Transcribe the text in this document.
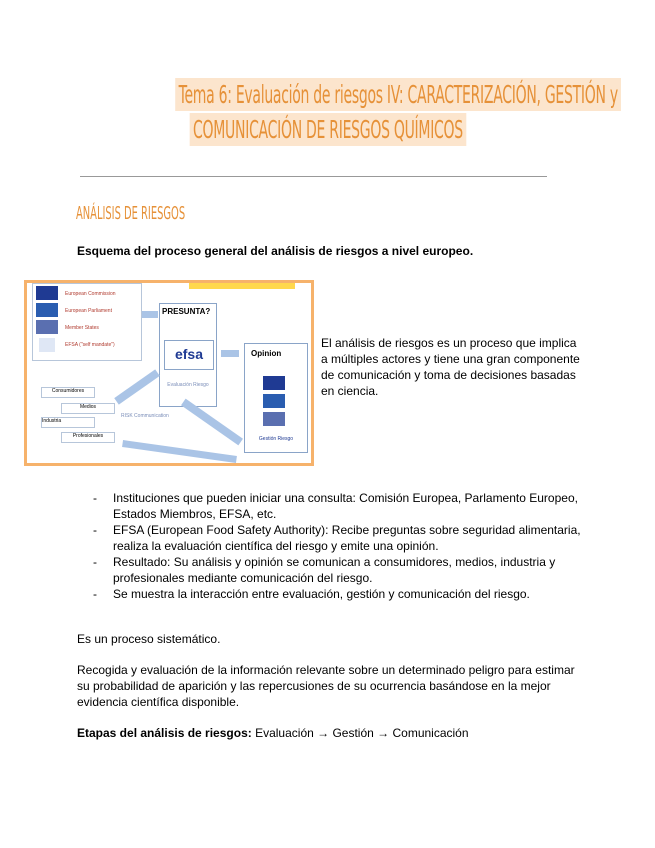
Tema 6: Evaluación de riesgos IV: CARACTERIZACIÓN, GESTIÓN y
COMUNICACIÓN DE RIESGOS QUÍMICOS
ANÁLISIS DE RIESGOS
Esquema del proceso general del análisis de riesgos a nivel europeo.
European Commission
European Parliament
Member States
EFSA ("self mandate")
PRESUNTA?
efsa
Evaluación Riesgo
Opinion
Gestión Riesgo
Consumidores
Medios
Industria
Profesionales
RISK Communication
El análisis de riesgos es un proceso que implica a múltiples actores y tiene una gran componente de comunicación y toma de decisiones basadas en ciencia.
- Instituciones que pueden iniciar una consulta: Comisión Europea, Parlamento Europeo, Estados Miembros, EFSA, etc.
- EFSA (European Food Safety Authority): Recibe preguntas sobre seguridad alimentaria, realiza la evaluación científica del riesgo y emite una opinión.
- Resultado: Su análisis y opinión se comunican a consumidores, medios, industria y profesionales mediante comunicación del riesgo.
- Se muestra la interacción entre evaluación, gestión y comunicación del riesgo.
Es un proceso sistemático.
Recogida y evaluación de la información relevante sobre un determinado peligro para estimar su probabilidad de aparición y las repercusiones de su ocurrencia basándose en la mejor evidencia científica disponible.
Etapas del análisis de riesgos: Evaluación → Gestión → Comunicación
